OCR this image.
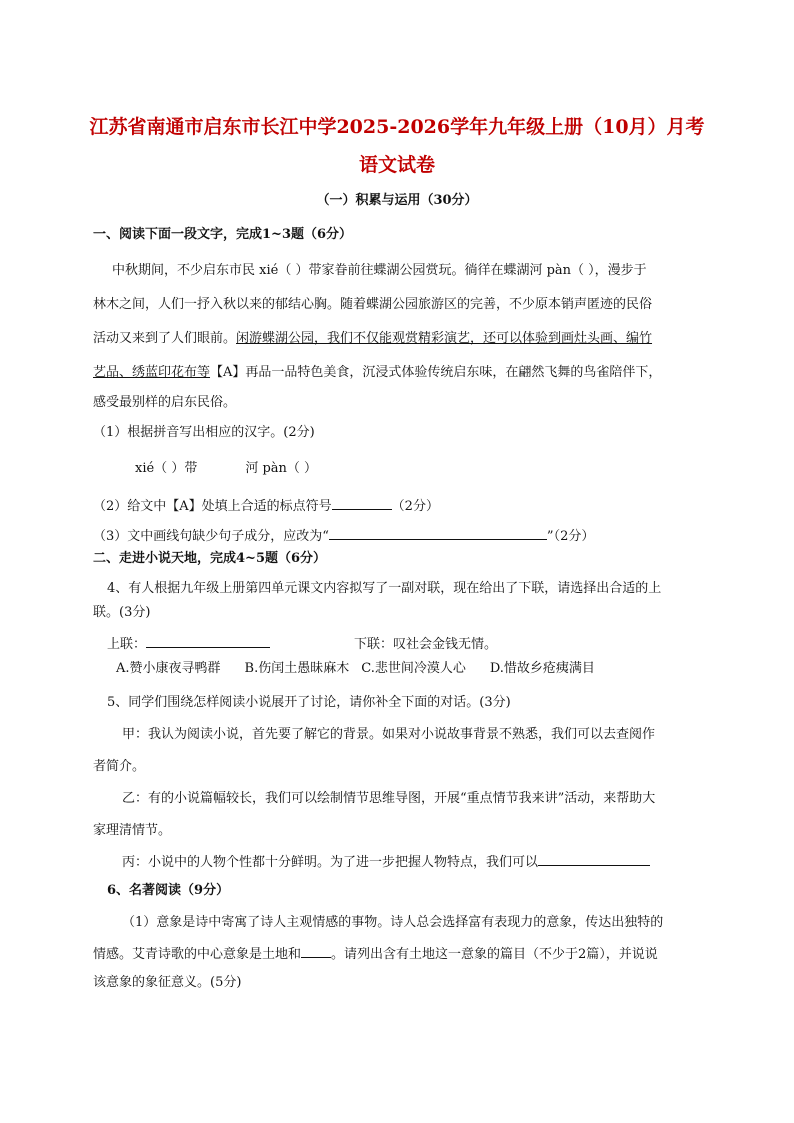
江苏省南通市启东市长江中学2025-2026学年九年级上册（10月）月考
语文试卷
（一）积累与运用（30分）
一、阅读下面一段文字，完成1~3题（6分）
中秋期间，不少启东市民 xié（ ）带家眷前往蝶湖公园赏玩。徜徉在蝶湖河 pàn（ ），漫步于
林木之间，人们一抒入秋以来的郁结心胸。随着蝶湖公园旅游区的完善，不少原本销声匿迹的民俗
活动又来到了人们眼前。闲游蝶湖公园，我们不仅能观赏精彩演艺，还可以体验到画灶头画、编竹
艺品、绣蓝印花布等【A】再品一品特色美食，沉浸式体验传统启东味，在翩然飞舞的鸟雀陪伴下，
感受最别样的启东民俗。
（1）根据拼音写出相应的汉字。(2分)
xié（ ）带	河 pàn（ ）
（2）给文中【A】处填上合适的标点符号	（2分）
（3）文中画线句缺少句子成分，应改为“	”（2分）
二、走进小说天地，完成4~5题（6分）
4、有人根据九年级上册第四单元课文内容拟写了一副对联，现在给出了下联，请选择出合适的上
联。(3分)
上联：	下联：叹社会金钱无情。
A.赞小康夜寻鸭群 B.伤闰土愚昧麻木 C.悲世间冷漠人心 D.惜故乡疮痍满目
5、同学们围绕怎样阅读小说展开了讨论，请你补全下面的对话。(3分)
甲：我认为阅读小说，首先要了解它的背景。如果对小说故事背景不熟悉，我们可以去查阅作
者简介。
乙：有的小说篇幅较长，我们可以绘制情节思维导图，开展“重点情节我来讲”活动，来帮助大
家理清情节。
丙：小说中的人物个性都十分鲜明。为了进一步把握人物特点，我们可以
6、名著阅读（9分）
（1）意象是诗中寄寓了诗人主观情感的事物。诗人总会选择富有表现力的意象，传达出独特的
情感。艾青诗歌的中心意象是土地和 。请列出含有土地这一意象的篇目（不少于2篇），并说说
该意象的象征意义。(5分)
